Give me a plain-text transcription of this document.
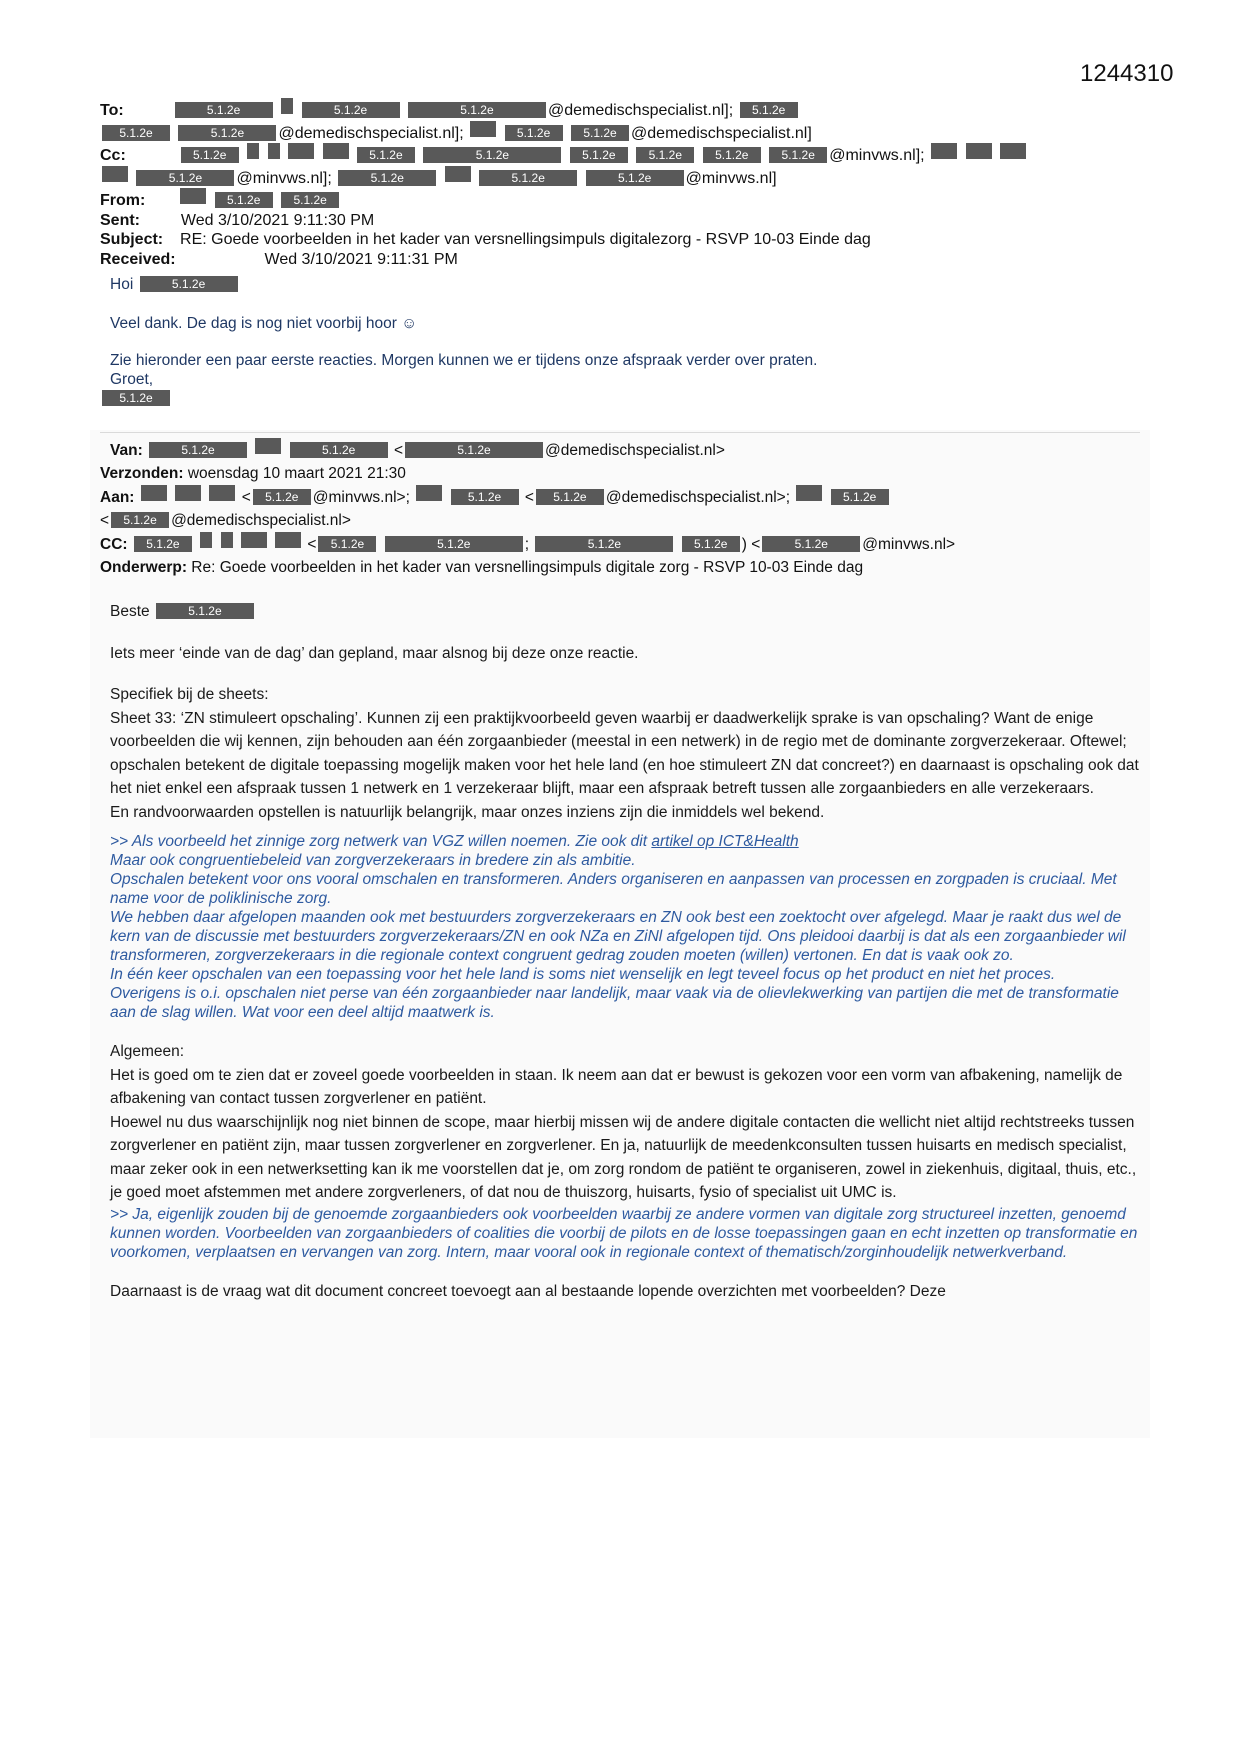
1244310
To:	5.1.2e	5.1.2e	5.1.2e	@demedischspecialist.nl]; 5.1.2e
5.1.2e	5.1.2e @demedischspecialist.nl];	5.1.2e	5.1.2e @demedischspecialist.nl]
Cc:	5.1.2e	5.1.2e	5.1.2e	5.1.2e	5.1.2e	5.1.2e	5.1.2e @minvws.nl];
5.1.2e @minvws.nl];	5.1.2e	5.1.2e	5.1.2e @minvws.nl]
From:	5.1.2e	5.1.2e
Sent:	Wed 3/10/2021 9:11:30 PM
Subject: RE: Goede voorbeelden in het kader van versnellingsimpuls digitalezorg - RSVP 10-03 Einde dag
Received:	Wed 3/10/2021 9:11:31 PM
Hoi	5.1.2e
Veel dank. De dag is nog niet voorbij hoor ☺
Zie hieronder een paar eerste reacties. Morgen kunnen we er tijdens onze afspraak verder over praten.
Groet,
5.1.2e
Van:	5.1.2e	5.1.2e <	5.1.2e	@demedischspecialist.nl>
Verzonden: woensdag 10 maart 2021 21:30
Aan:	< 5.1.2e @minvws.nl>;	5.1.2e < 5.1.2e @demedischspecialist.nl>;	5.1.2e
< 5.1.2e @demedischspecialist.nl>
CC: 5.1.2e	< 5.1.2e	5.1.2e	;	5.1.2e	5.1.2e ) <	5.1.2e @minvws.nl>
Onderwerp: Re: Goede voorbeelden in het kader van versnellingsimpuls digitale zorg - RSVP 10-03 Einde dag

Beste	5.1.2e

Iets meer ‘einde van de dag’ dan gepland, maar alsnog bij deze onze reactie.

Specifiek bij de sheets:

Sheet 33: ‘ZN stimuleert opschaling’. Kunnen zij een praktijkvoorbeeld geven waarbij er daadwerkelijk sprake is van opschaling? Want de enige voorbeelden die wij kennen, zijn behouden aan één zorgaanbieder (meestal in een netwerk) in de regio met de dominante zorgverzekeraar. Oftewel; opschalen betekent de digitale toepassing mogelijk maken voor het hele land (en hoe stimuleert ZN dat concreet?) en daarnaast is opschaling ook dat het niet enkel een afspraak tussen 1 netwerk en 1 verzekeraar blijft, maar een afspraak betreft tussen alle zorgaanbieders en alle verzekeraars.

En randvoorwaarden opstellen is natuurlijk belangrijk, maar onzes inziens zijn die inmiddels wel bekend.

>> Als voorbeeld het zinnige zorg netwerk van VGZ willen noemen. Zie ook dit artikel op ICT&Health

Maar ook congruentiebeleid van zorgverzekeraars in bredere zin als ambitie.

Opschalen betekent voor ons vooral omschalen en transformeren. Anders organiseren en aanpassen van processen en zorgpaden is cruciaal. Met name voor de poliklinische zorg.

We hebben daar afgelopen maanden ook met bestuurders zorgverzekeraars en ZN ook best een zoektocht over afgelegd. Maar je raakt dus wel de kern van de discussie met bestuurders zorgverzekeraars/ZN en ook NZa en ZiNl afgelopen tijd. Ons pleidooi daarbij is dat als een zorgaanbieder wil transformeren, zorgverzekeraars in die regionale context congruent gedrag zouden moeten (willen) vertonen. En dat is vaak ook zo.

In één keer opschalen van een toepassing voor het hele land is soms niet wenselijk en legt teveel focus op het product en niet het proces.

Overigens is o.i. opschalen niet perse van één zorgaanbieder naar landelijk, maar vaak via de olievlekwerking van partijen die met de transformatie aan de slag willen. Wat voor een deel altijd maatwerk is.

Algemeen:

Het is goed om te zien dat er zoveel goede voorbeelden in staan. Ik neem aan dat er bewust is gekozen voor een vorm van afbakening, namelijk de afbakening van contact tussen zorgverlener en patiënt.

Hoewel nu dus waarschijnlijk nog niet binnen de scope, maar hierbij missen wij de andere digitale contacten die wellicht niet altijd rechtstreeks tussen zorgverlener en patiënt zijn, maar tussen zorgverlener en zorgverlener. En ja, natuurlijk de meedenkconsulten tussen huisarts en medisch specialist, maar zeker ook in een netwerksetting kan ik me voorstellen dat je, om zorg rondom de patiënt te organiseren, zowel in ziekenhuis, digitaal, thuis, etc., je goed moet afstemmen met andere zorgverleners, of dat nou de thuiszorg, huisarts, fysio of specialist uit UMC is.

>> Ja, eigenlijk zouden bij de genoemde zorgaanbieders ook voorbeelden waarbij ze andere vormen van digitale zorg structureel inzetten, genoemd kunnen worden. Voorbeelden van zorgaanbieders of coalities die voorbij de pilots en de losse toepassingen gaan en echt inzetten op transformatie en voorkomen, verplaatsen en vervangen van zorg. Intern, maar vooral ook in regionale context of thematisch/zorginhoudelijk netwerkverband.

Daarnaast is de vraag wat dit document concreet toevoegt aan al bestaande lopende overzichten met voorbeelden? Deze
